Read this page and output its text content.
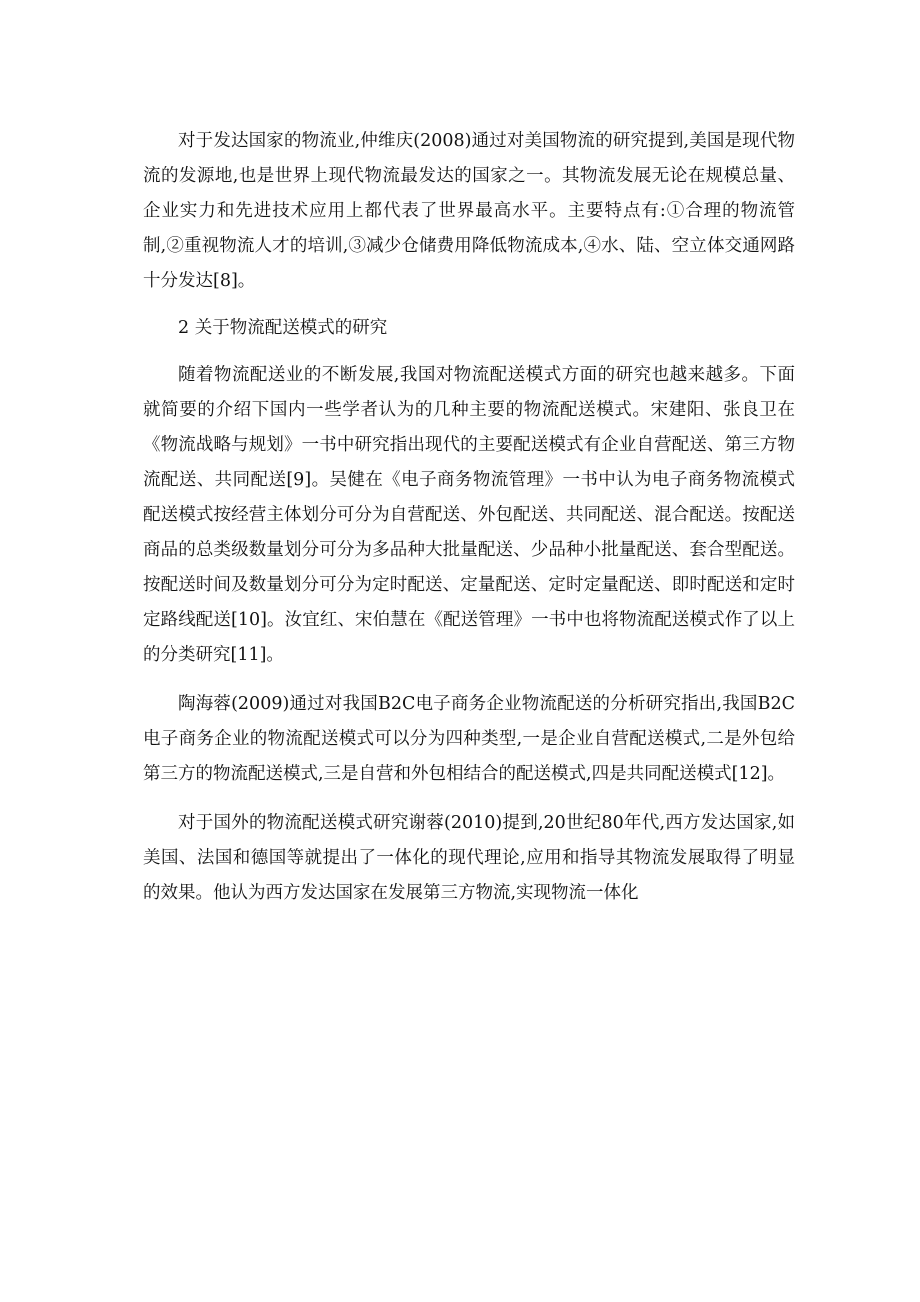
对于发达国家的物流业,仲维庆(2008)通过对美国物流的研究提到,美国是现代物流的发源地,也是世界上现代物流最发达的国家之一。其物流发展无论在规模总量、企业实力和先进技术应用上都代表了世界最高水平。主要特点有:①合理的物流管制,②重视物流人才的培训,③减少仓储费用降低物流成本,④水、陆、空立体交通网路十分发达[8]。

2 关于物流配送模式的研究

随着物流配送业的不断发展,我国对物流配送模式方面的研究也越来越多。下面就简要的介绍下国内一些学者认为的几种主要的物流配送模式。宋建阳、张良卫在《物流战略与规划》一书中研究指出现代的主要配送模式有企业自营配送、第三方物流配送、共同配送[9]。吴健在《电子商务物流管理》一书中认为电子商务物流模式配送模式按经营主体划分可分为自营配送、外包配送、共同配送、混合配送。按配送商品的总类级数量划分可分为多品种大批量配送、少品种小批量配送、套合型配送。按配送时间及数量划分可分为定时配送、定量配送、定时定量配送、即时配送和定时定路线配送[10]。汝宜红、宋伯慧在《配送管理》一书中也将物流配送模式作了以上的分类研究[11]。

陶海蓉(2009)通过对我国B2C电子商务企业物流配送的分析研究指出,我国B2C电子商务企业的物流配送模式可以分为四种类型,一是企业自营配送模式,二是外包给第三方的物流配送模式,三是自营和外包相结合的配送模式,四是共同配送模式[12]。

对于国外的物流配送模式研究谢蓉(2010)提到,20世纪80年代,西方发达国家,如美国、法国和德国等就提出了一体化的现代理论,应用和指导其物流发展取得了明显的效果。他认为西方发达国家在发展第三方物流,实现物流一体化
